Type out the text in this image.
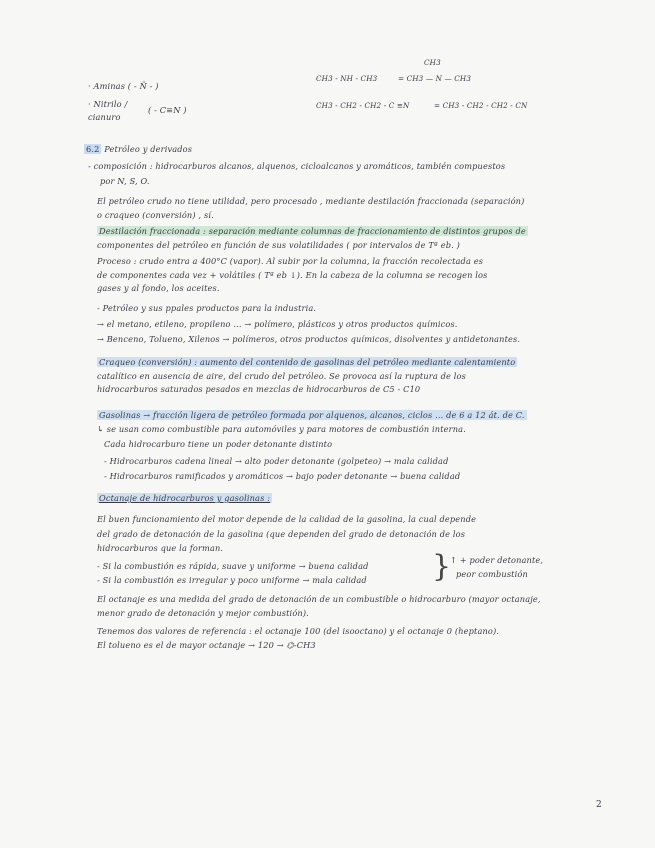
CH3
· Aminas ( - N̈ - )
CH3 - NH - CH3	= CH3 — N — CH3
· Nitrilo /
( - C≡N )
cianuro
CH3 - CH2 - CH2 - C ≡N	= CH3 - CH2 - CH2 - CN
6.2 Petróleo y derivados
- composición : hidrocarburos alcanos, alquenos, cicloalcanos y aromáticos, también compuestos
por N, S, O.
El petróleo crudo no tiene utilidad, pero procesado , mediante destilación fraccionada (separación)
o craqueo (conversión) , sí.
Destilación fraccionada : separación mediante columnas de fraccionamiento de distintos grupos de
componentes del petróleo en función de sus volatilidades ( por intervalos de Tª eb. )
Proceso : crudo entra a 400°C (vapor). Al subir por la columna, la fracción recolectada es
de componentes cada vez + volátiles ( Tª eb ↓). En la cabeza de la columna se recogen los
gases y al fondo, los aceites.
- Petróleo y sus ppales productos para la industria.
→ el metano, etileno, propileno ... → polímero, plásticos y otros productos químicos.
→ Benceno, Tolueno, Xilenos → polímeros, otros productos químicos, disolventes y antidetonantes.
Craqueo (conversión) : aumento del contenido de gasolinas del petróleo mediante calentamiento
catalítico en ausencia de aire, del crudo del petróleo. Se provoca así la ruptura de los
hidrocarburos saturados pesados en mezclas de hidrocarburos de C5 - C10
Gasolinas → fracción ligera de petróleo formada por alquenos, alcanos, ciclos ... de 6 a 12 át. de C.
↳ se usan como combustible para automóviles y para motores de combustión interna.
Cada hidrocarburo tiene un poder detonante distinto
- Hidrocarburos cadena lineal → alto poder detonante (golpeteo) → mala calidad
- Hidrocarburos ramificados y aromáticos → bajo poder detonante → buena calidad
Octanaje de hidrocarburos y gasolinas :
El buen funcionamiento del motor depende de la calidad de la gasolina, la cual depende
del grado de detonación de la gasolina (que dependen del grado de detonación de los
hidrocarburos que la forman.
- Si la combustión es rápida, suave y uniforme → buena calidad
- Si la combustión es irregular y poco uniforme → mala calidad }
↑ + poder detonante,
peor combustión
El octanaje es una medida del grado de detonación de un combustible o hidrocarburo (mayor octanaje,
menor grado de detonación y mejor combustión).
Tenemos dos valores de referencia : el octanaje 100 (del isooctano) y el octanaje 0 (heptano).
El tolueno es el de mayor octanaje → 120 → ⌬-CH3
2
